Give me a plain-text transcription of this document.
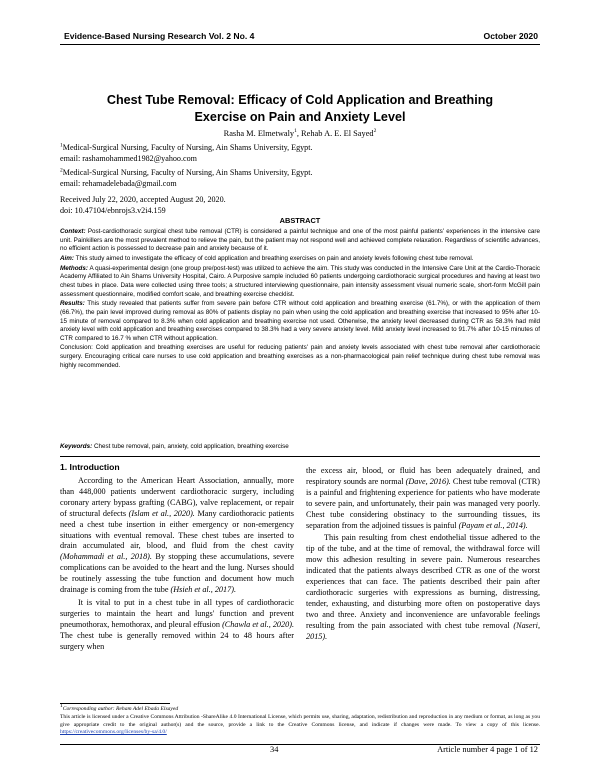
Evidence-Based Nursing Research Vol. 2 No. 4	October 2020
Chest Tube Removal: Efficacy of Cold Application and Breathing
Exercise on Pain and Anxiety Level
Rasha M. Elmetwaly$^1$, Rehab A. E. El Sayed$^2$
$^1$Medical-Surgical Nursing, Faculty of Nursing, Ain Shams University, Egypt.
email: rashamohammed1982@yahoo.com
$^2$Medical-Surgical Nursing, Faculty of Nursing, Ain Shams University, Egypt.
email: rehamadelebada@gmail.com
Received July 22, 2020, accepted August 20, 2020.
doi: 10.47104/ebnrojs3.v2i4.159
ABSTRACT

Context: Post-cardiothoracic surgical chest tube removal (CTR) is considered a painful technique and one of the most painful patients' experiences in the intensive care unit. Painkillers are the most prevalent method to relieve the pain, but the patient may not respond well and achieved complete relaxation. Regardless of scientific advances, no efficient action is possessed to decrease pain and anxiety because of it.

Aim: This study aimed to investigate the efficacy of cold application and breathing exercises on pain and anxiety levels following chest tube removal.

Methods: A quasi-experimental design (one group pre/post-test) was utilized to achieve the aim. This study was conducted in the Intensive Care Unit at the Cardio-Thoracic Academy Affiliated to Ain Shams University Hospital, Cairo. A Purposive sample included 60 patients undergoing cardiothoracic surgical procedures and having at least two chest tubes in place. Data were collected using three tools; a structured interviewing questionnaire, pain intensity assessment visual numeric scale, short-form McGill pain assessment questionnaire, modified comfort scale, and breathing exercise checklist.

Results: This study revealed that patients suffer from severe pain before CTR without cold application and breathing exercise (61.7%), or with the application of them (66.7%), the pain level improved during removal as 80% of patients display no pain when using the cold application and breathing exercise that increased to 95% after 10-15 minute of removal compared to 8.3% when cold application and breathing exercise not used. Otherwise, the anxiety level decreased during CTR as 58.3% had mild anxiety level with cold application and breathing exercises compared to 38.3% had a very severe anxiety level. Mild anxiety level increased to 91.7% after 10-15 minutes of CTR compared to 16.7 % when CTR without application.

Conclusion: Cold application and breathing exercises are useful for reducing patients' pain and anxiety levels associated with chest tube removal after cardiothoracic surgery. Encouraging critical care nurses to use cold application and breathing exercises as a non-pharmacological pain relief technique during chest tube removal was highly recommended.

Keywords: Chest tube removal, pain, anxiety, cold application, breathing exercise
1. Introduction

According to the American Heart Association, annually, more than 448,000 patients underwent cardiothoracic surgery, including coronary artery bypass grafting (CABG), valve replacement, or repair of structural defects (Islam et al., 2020). Many cardiothoracic patients need a chest tube insertion in either emergency or non-emergency situations with eventual removal. These chest tubes are inserted to drain accumulated air, blood, and fluid from the chest cavity (Mohammadi et al., 2018). By stopping these accumulations, severe complications can be avoided to the heart and the lung. Nurses should be routinely assessing the tube function and document how much drainage is coming from the tube (Hsieh et al., 2017).

It is vital to put in a chest tube in all types of cardiothoracic surgeries to maintain the heart and lungs' function and prevent pneumothorax, hemothorax, and pleural effusion (Chawla et al., 2020). The chest tube is generally removed within 24 to 48 hours after surgery when

the excess air, blood, or fluid has been adequately drained, and respiratory sounds are normal (Dave, 2016). Chest tube removal (CTR) is a painful and frightening experience for patients who have moderate to severe pain, and unfortunately, their pain was managed very poorly. Chest tube considering obstinacy to the surrounding tissues, its separation from the adjoined tissues is painful (Payam et al., 2014).

This pain resulting from chest endothelial tissue adhered to the tip of the tube, and at the time of removal, the withdrawal force will mow this adhesion resulting in severe pain. Numerous researches indicated that the patients always described CTR as one of the worst experiences that can face. The patients described their pain after cardiothoracic surgeries with expressions as burning, distressing, tender, exhausting, and disturbing more often on postoperative days two and three. Anxiety and inconvenience are unfavorable feelings resulting from the pain associated with chest tube removal (Naseri, 2015).

$^1$Corresponding author: Reham Adel Ebada Elsayed
This article is licensed under a Creative Commons Attribution -ShareAlike 4.0 International License, which permits use, sharing, adaptation, redistribution and reproduction in any medium or format, as long as you give appropriate credit to the original author(s) and the source, provide a link to the Creative Commons license, and indicate if changes were made. To view a copy of this license. https://creativecommons.org/licenses/by-sa/4.0/
34	Article number 4 page 1 of 12
